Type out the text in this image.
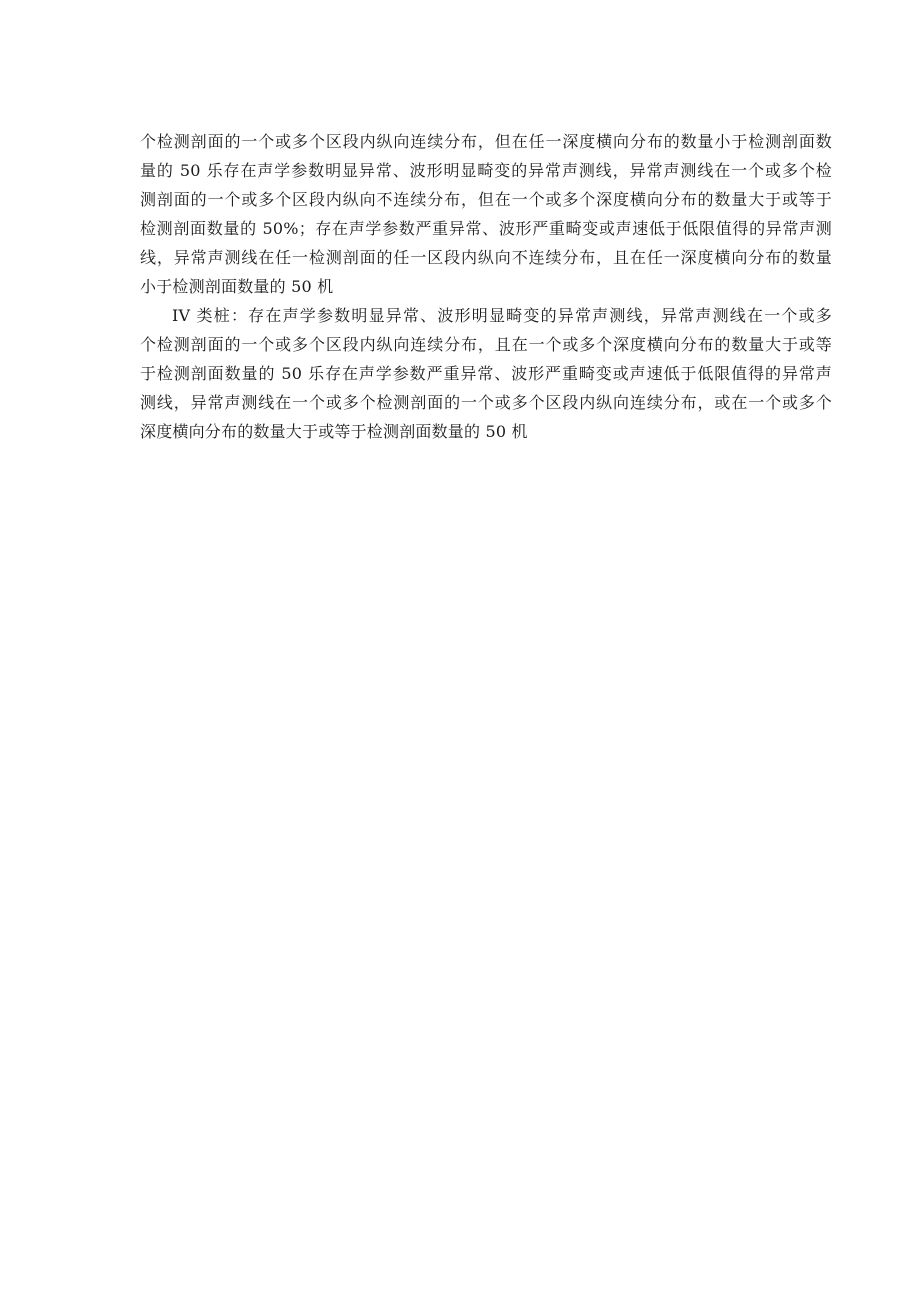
个检测剖面的一个或多个区段内纵向连续分布，但在任一深度横向分布的数量小于检测剖面数
量的 50 乐存在声学参数明显异常、波形明显畸变的异常声测线，异常声测线在一个或多个检
测剖面的一个或多个区段内纵向不连续分布，但在一个或多个深度横向分布的数量大于或等于
检测剖面数量的 50%；存在声学参数严重异常、波形严重畸变或声速低于低限值得的异常声测
线，异常声测线在任一检测剖面的任一区段内纵向不连续分布，且在任一深度横向分布的数量
小于检测剖面数量的 50 机
IV 类桩：存在声学参数明显异常、波形明显畸变的异常声测线，异常声测线在一个或多
个检测剖面的一个或多个区段内纵向连续分布，且在一个或多个深度横向分布的数量大于或等
于检测剖面数量的 50 乐存在声学参数严重异常、波形严重畸变或声速低于低限值得的异常声
测线，异常声测线在一个或多个检测剖面的一个或多个区段内纵向连续分布，或在一个或多个
深度横向分布的数量大于或等于检测剖面数量的 50 机
